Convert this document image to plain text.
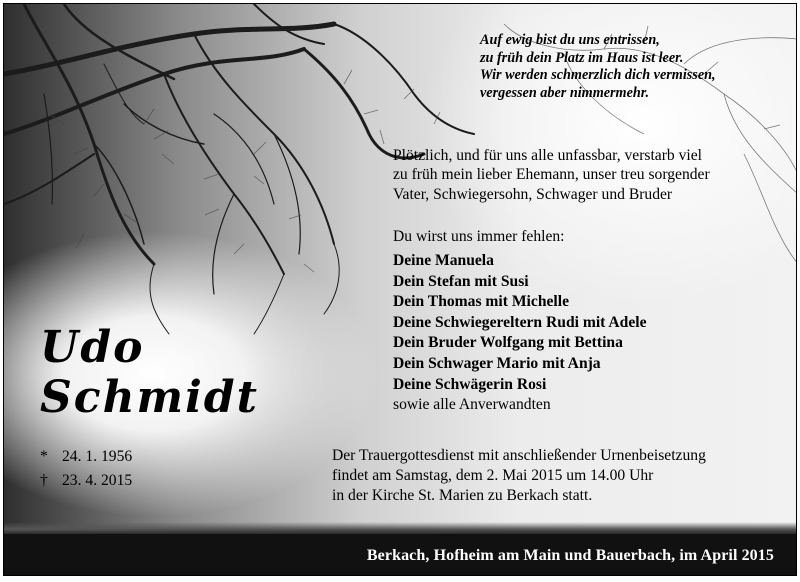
Auf ewig bist du uns entrissen,
zu früh dein Platz im Haus ist leer.
Wir werden schmerzlich dich vermissen,
vergessen aber nimmermehr.
Plötzlich, und für uns alle unfassbar, verstarb viel
zu früh mein lieber Ehemann, unser treu sorgender
Vater, Schwiegersohn, Schwager und Bruder
Du wirst uns immer fehlen:
Deine Manuela
Dein Stefan mit Susi
Dein Thomas mit Michelle
Deine Schwiegereltern Rudi mit Adele
Dein Bruder Wolfgang mit Bettina
Dein Schwager Mario mit Anja
Deine Schwägerin Rosi
sowie alle Anverwandten
Udo
Schmidt
* 24. 1. 1956
† 23. 4. 2015
Der Trauergottesdienst mit anschließender Urnenbeisetzung
findet am Samstag, dem 2. Mai 2015 um 14.00 Uhr
in der Kirche St. Marien zu Berkach statt.
Berkach, Hofheim am Main und Bauerbach, im April 2015
